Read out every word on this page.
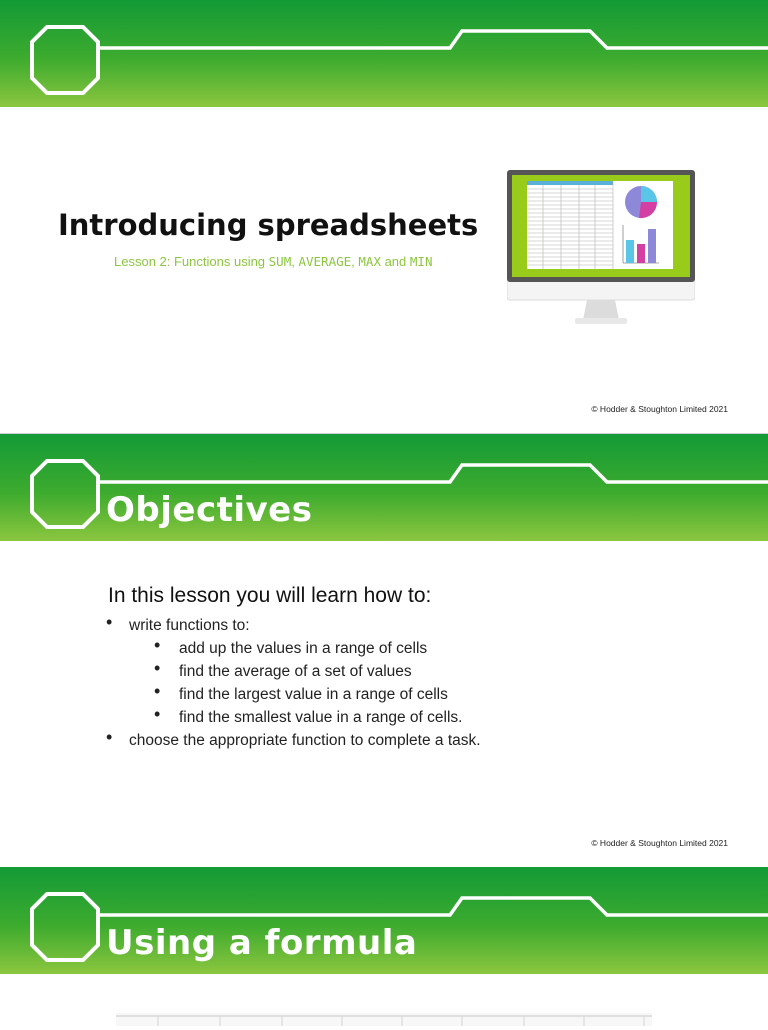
Introducing spreadsheets
Lesson 2: Functions using SUM, AVERAGE, MAX and MIN
© Hodder & Stoughton Limited 2021
Objectives
© Hodder & Stoughton Limited 2021

In this lesson you will learn how to:

• write functions to:
• add up the values in a range of cells
• find the average of a set of values
• find the largest value in a range of cells
• find the smallest value in a range of cells.
• choose the appropriate function to complete a task.
Using a formula
